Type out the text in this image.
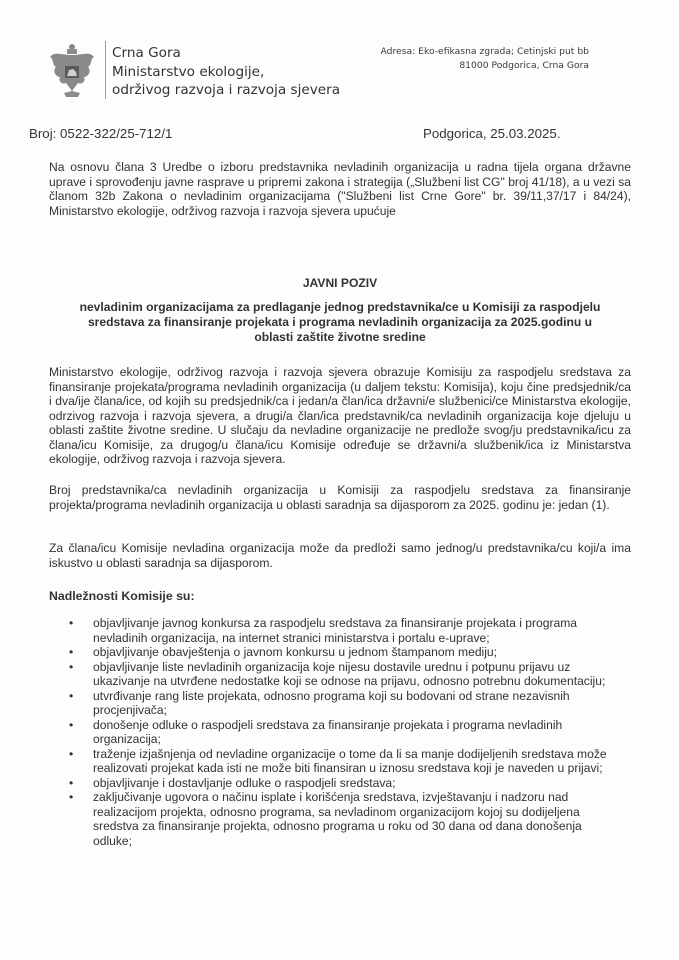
Crna Gora
Ministarstvo ekologije,
održivog razvoja i razvoja sjevera
Adresa: Eko-efikasna zgrada; Cetinjski put bb
81000 Podgorica, Crna Gora
Broj: 0522-322/25-712/1	Podgorica, 25.03.2025.
Na osnovu člana 3 Uredbe o izboru predstavnika nevladinih organizacija u radna tijela organa državne uprave i sprovođenju javne rasprave u pripremi zakona i strategija („Službeni list CG" broj 41/18), a u vezi sa članom 32b Zakona o nevladinim organizacijama ("Službeni list Crne Gore" br. 39/11,37/17 i 84/24), Ministarstvo ekologije, održivog razvoja i razvoja sjevera upućuje
JAVNI POZIV
nevladinim organizacijama za predlaganje jednog predstavnika/ce u Komisiji za raspodjelu
sredstava za finansiranje projekata i programa nevladinih organizacija za 2025.godinu u
oblasti zaštite životne sredine
Ministarstvo ekologije, održivog razvoja i razvoja sjevera obrazuje Komisiju za raspodjelu sredstava za finansiranje projekata/programa nevladinih organizacija (u daljem tekstu: Komisija), koju čine predsjednik/ca i dva/ije člana/ice, od kojih su predsjednik/ca i jedan/a član/ica državni/e službenici/ce Ministarstva ekologije, odrzivog razvoja i razvoja sjevera, a drugi/a član/ica predstavnik/ca nevladinih organizacija koje djeluju u oblasti zaštite životne sredine. U slučaju da nevladine organizacije ne predlože svog/ju predstavnika/icu za člana/icu Komisije, za drugog/u člana/icu Komisije određuje se državni/a službenik/ica iz Ministarstva ekologije, održivog razvoja i razvoja sjevera.
Broj predstavnika/ca nevladinih organizacija u Komisiji za raspodjelu sredstava za finansiranje projekta/programa nevladinih organizacija u oblasti saradnja sa dijasporom za 2025. godinu je: jedan (1).
Za člana/icu Komisije nevladina organizacija može da predloži samo jednog/u predstavnika/cu koji/a ima iskustvo u oblasti saradnja sa dijasporom.
Nadležnosti Komisije su:
• objavljivanje javnog konkursa za raspodjelu sredstava za finansiranje projekata i programa nevladinih organizacija, na internet stranici ministarstva i portalu e-uprave;
• objavljivanje obavještenja o javnom konkursu u jednom štampanom mediju;
• objavljivanje liste nevladinih organizacija koje nijesu dostavile urednu i potpunu prijavu uz ukazivanje na utvrđene nedostatke koji se odnose na prijavu, odnosno potrebnu dokumentaciju;
• utvrđivanje rang liste projekata, odnosno programa koji su bodovani od strane nezavisnih procjenjivača;
• donošenje odluke o raspodjeli sredstava za finansiranje projekata i programa nevladinih organizacija;
• traženje izjašnjenja od nevladine organizacije o tome da li sa manje dodijeljenih sredstava može realizovati projekat kada isti ne može biti finansiran u iznosu sredstava koji je naveden u prijavi;
• objavljivanje i dostavljanje odluke o raspodjeli sredstava;
• zaključivanje ugovora o načinu isplate i korišćenja sredstava, izvještavanju i nadzoru nad realizacijom projekta, odnosno programa, sa nevladinom organizacijom kojoj su dodijeljena sredstva za finansiranje projekta, odnosno programa u roku od 30 dana od dana donošenja odluke;
